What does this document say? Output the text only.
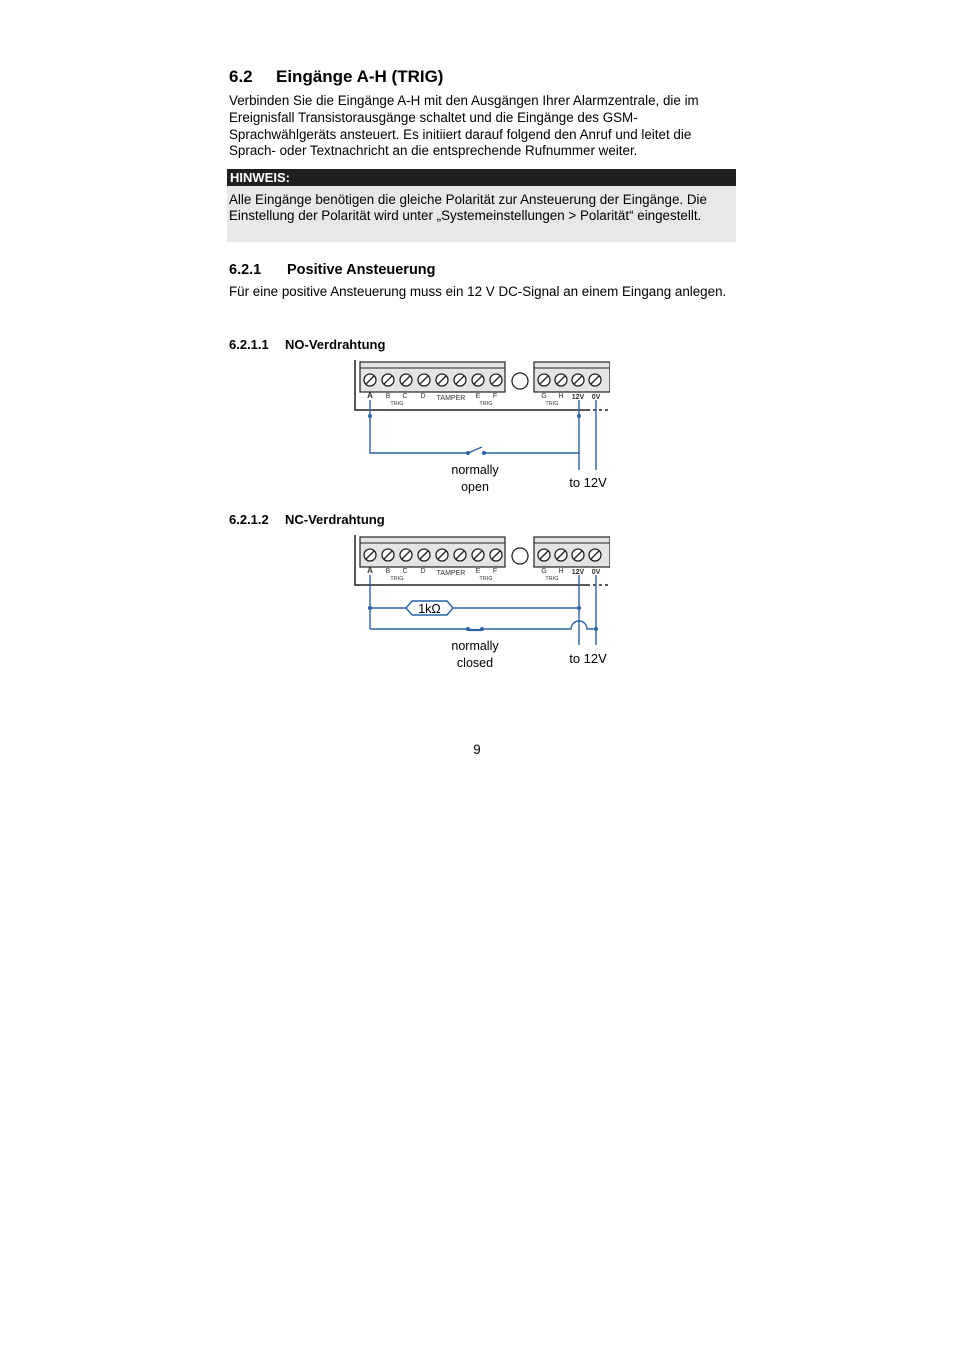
6.2 Eingänge A-H (TRIG)
Verbinden Sie die Eingänge A-H mit den Ausgängen Ihrer Alarmzentrale, die im Ereignisfall Transistorausgänge schaltet und die Eingänge des GSM-Sprachwählgeräts ansteuert. Es initiiert darauf folgend den Anruf und leitet die Sprach- oder Textnachricht an die entsprechende Rufnummer weiter.
HINWEIS:
Alle Eingänge benötigen die gleiche Polarität zur Ansteuerung der Eingänge. Die Einstellung der Polarität wird unter „Systemeinstellungen > Polarität“ eingestellt.
6.2.1 Positive Ansteuerung
Für eine positive Ansteuerung muss ein 12 V DC-Signal an einem Eingang anlegen.
6.2.1.1 NO-Verdrahtung
A B C D TAMPER E F
TRIG	TRIG
G H
TRIG
12V 0V
normally
open	to 12V
6.2.1.2 NC-Verdrahtung
A B C D TAMPER E F
TRIG	TRIG
G H
TRIG
12V 0V
1kΩ
normally
closed	to 12V
9
